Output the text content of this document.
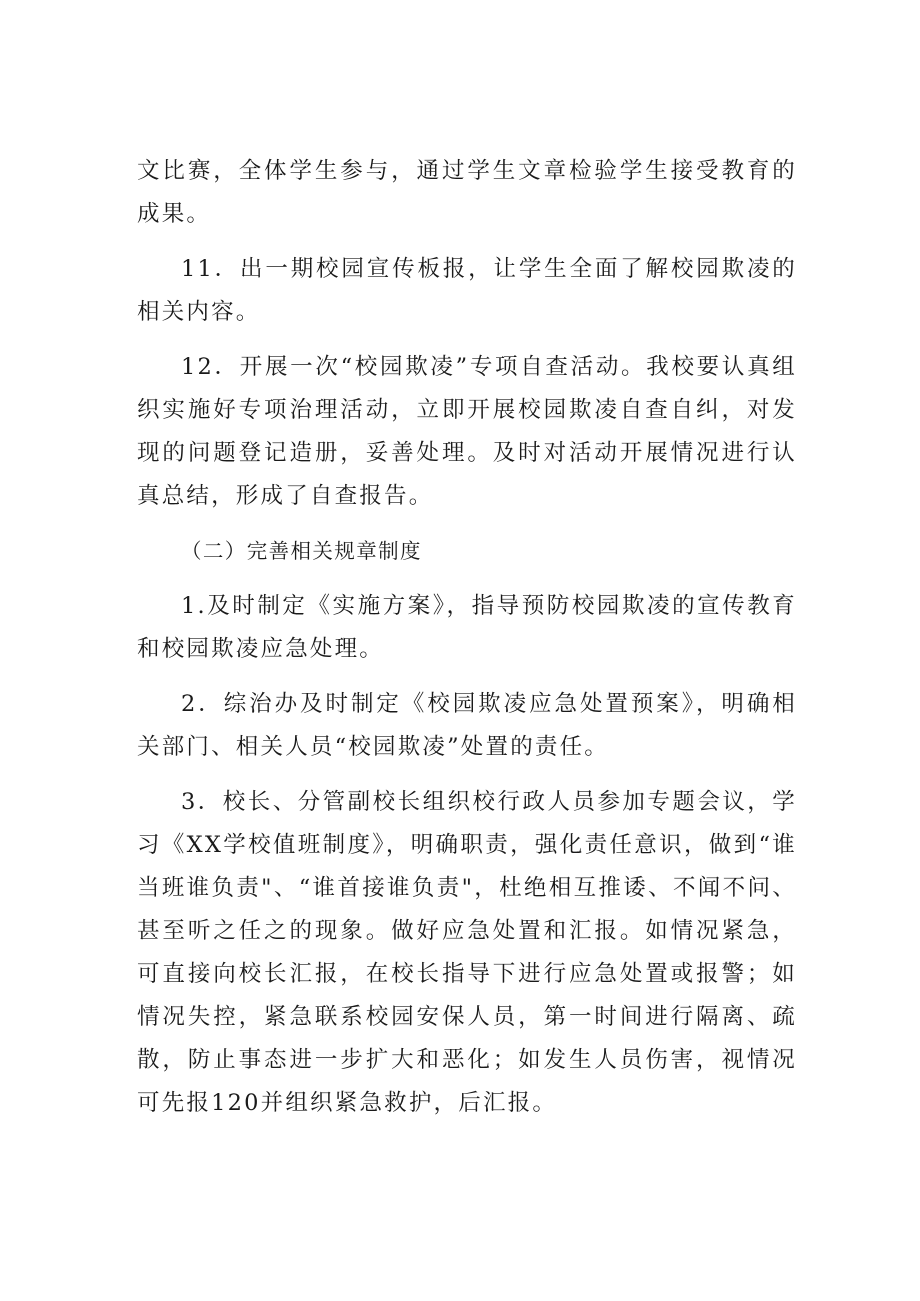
文比赛，全体学生参与，通过学生文章检验学生接受教育的成果。

11．出一期校园宣传板报，让学生全面了解校园欺凌的相关内容。

12．开展一次“校园欺凌”专项自查活动。我校要认真组织实施好专项治理活动，立即开展校园欺凌自查自纠，对发现的问题登记造册，妥善处理。及时对活动开展情况进行认真总结，形成了自查报告。

（二）完善相关规章制度

1.及时制定《实施方案》，指导预防校园欺凌的宣传教育和校园欺凌应急处理。

2．综治办及时制定《校园欺凌应急处置预案》，明确相关部门、相关人员“校园欺凌”处置的责任。

3．校长、分管副校长组织校行政人员参加专题会议，学习《XX学校值班制度》，明确职责，强化责任意识，做到“谁当班谁负责"、“谁首接谁负责"，杜绝相互推诿、不闻不问、甚至听之任之的现象。做好应急处置和汇报。如情况紧急，可直接向校长汇报，在校长指导下进行应急处置或报警；如情况失控，紧急联系校园安保人员，第一时间进行隔离、疏散，防止事态进一步扩大和恶化；如发生人员伤害，视情况可先报120并组织紧急救护，后汇报。
